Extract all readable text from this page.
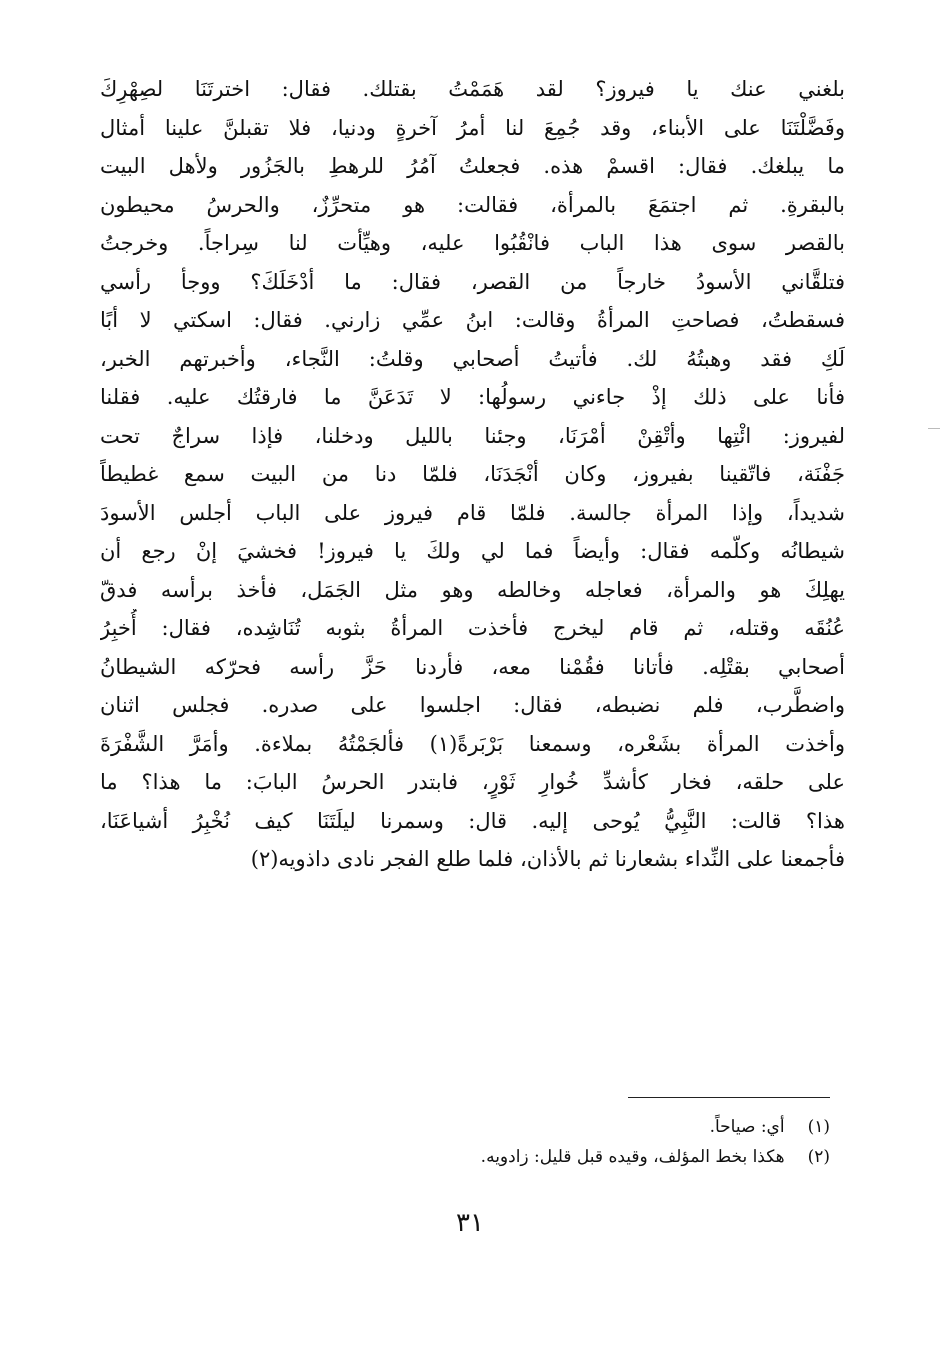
بلغني عنك يا فيروز؟ لقد هَمَمْتُ بقتلك. فقال: اخترتَنَا لصِهْرِكَ
وفَضَّلْتَنَا على الأبناء، وقد جُمِعَ لنا أمرُ آخرةٍ ودنيا، فلا تقبلنَّ علينا أمثال
ما يبلغك. فقال: اقسمْ هذه. فجعلتُ آمُرُ للرهطِ بالجَزُور ولأهل البيت
بالبقرةِ. ثم اجتمَعَ بالمرأة، فقالت: هو متحرِّزٌ، والحرسُ محيطون
بالقصر سوى هذا الباب فانْقُبُوا عليه، وهيِّأت لنا سِراجاً. وخرجتُ
فتلقَّاني الأسودُ خارجاً من القصر، فقال: ما أدْخَلَكَ؟ ووجأ رأسي
فسقطتُ، فصاحتِ المرأةُ وقالت: ابنُ عمِّي زارني. فقال: اسكتي لا أبًا
لَكِ فقد وهبتُهُ لك. فأتيتُ أصحابي وقلتُ: النَّجاء، وأخبرتهم الخبر،
فأنا على ذلك إذْ جاءني رسولُها: لا تَدَعَنَّ ما فارقتُك عليه. فقلنا
لفيروز: ائْتِها وأتْقِنْ أمْرَنَا، وجئنا بالليل ودخلنا، فإذا سراجٌ تحت
جَفْنَة، فاتّقينا بفيروز، وكان أنْجَدَنَا، فلمّا دنا من البيت سمع غطيطاً
شديداً، وإذا المرأة جالسة. فلمّا قام فيروز على الباب أجلس الأسودَ
شيطانُه وكلّمه فقال: وأيضاً فما لي ولكَ يا فيروز! فخشيَ إنْ رجع أن
يهلِكَ هو والمرأة، فعاجله وخالطه وهو مثل الجَمَل، فأخذ برأسه فدقّ
عُنُقَه وقتله، ثم قام ليخرج فأخذت المرأةُ بثوبه تُنَاشِده، فقال: أُخبِرُ
أصحابي بقتْلِه. فأتانا فقُمْنا معه، فأردنا حَزَّ رأسه فحرّكه الشيطانُ
واضطَّرب، فلم نضبطه، فقال: اجلسوا على صدره. فجلس اثنان
وأخذت المرأة بشَعْره، وسمعنا بَرْبَرةً(١) فألجَمْتُهُ بملاءة. وأمَرَّ الشَّفْرَةَ
على حلقه، فخار كأشدِّ خُوارِ ثَوْرٍ، فابتدر الحرسُ البابَ: ما هذا؟ ما
هذا؟ قالت: النَّبِيُّ يُوحى إليه. قال: وسمرنا ليلَتَنَا كيف نُخْبِرُ أشياعَنَا،
فأجمعنا على النِّداء بشعارنا ثم بالأذان، فلما طلع الفجر نادى داذويه(٢)
(١) أي: صياحاً.
(٢) هكذا بخط المؤلف، وقيده قبل قليل: زادويه.
٣١
